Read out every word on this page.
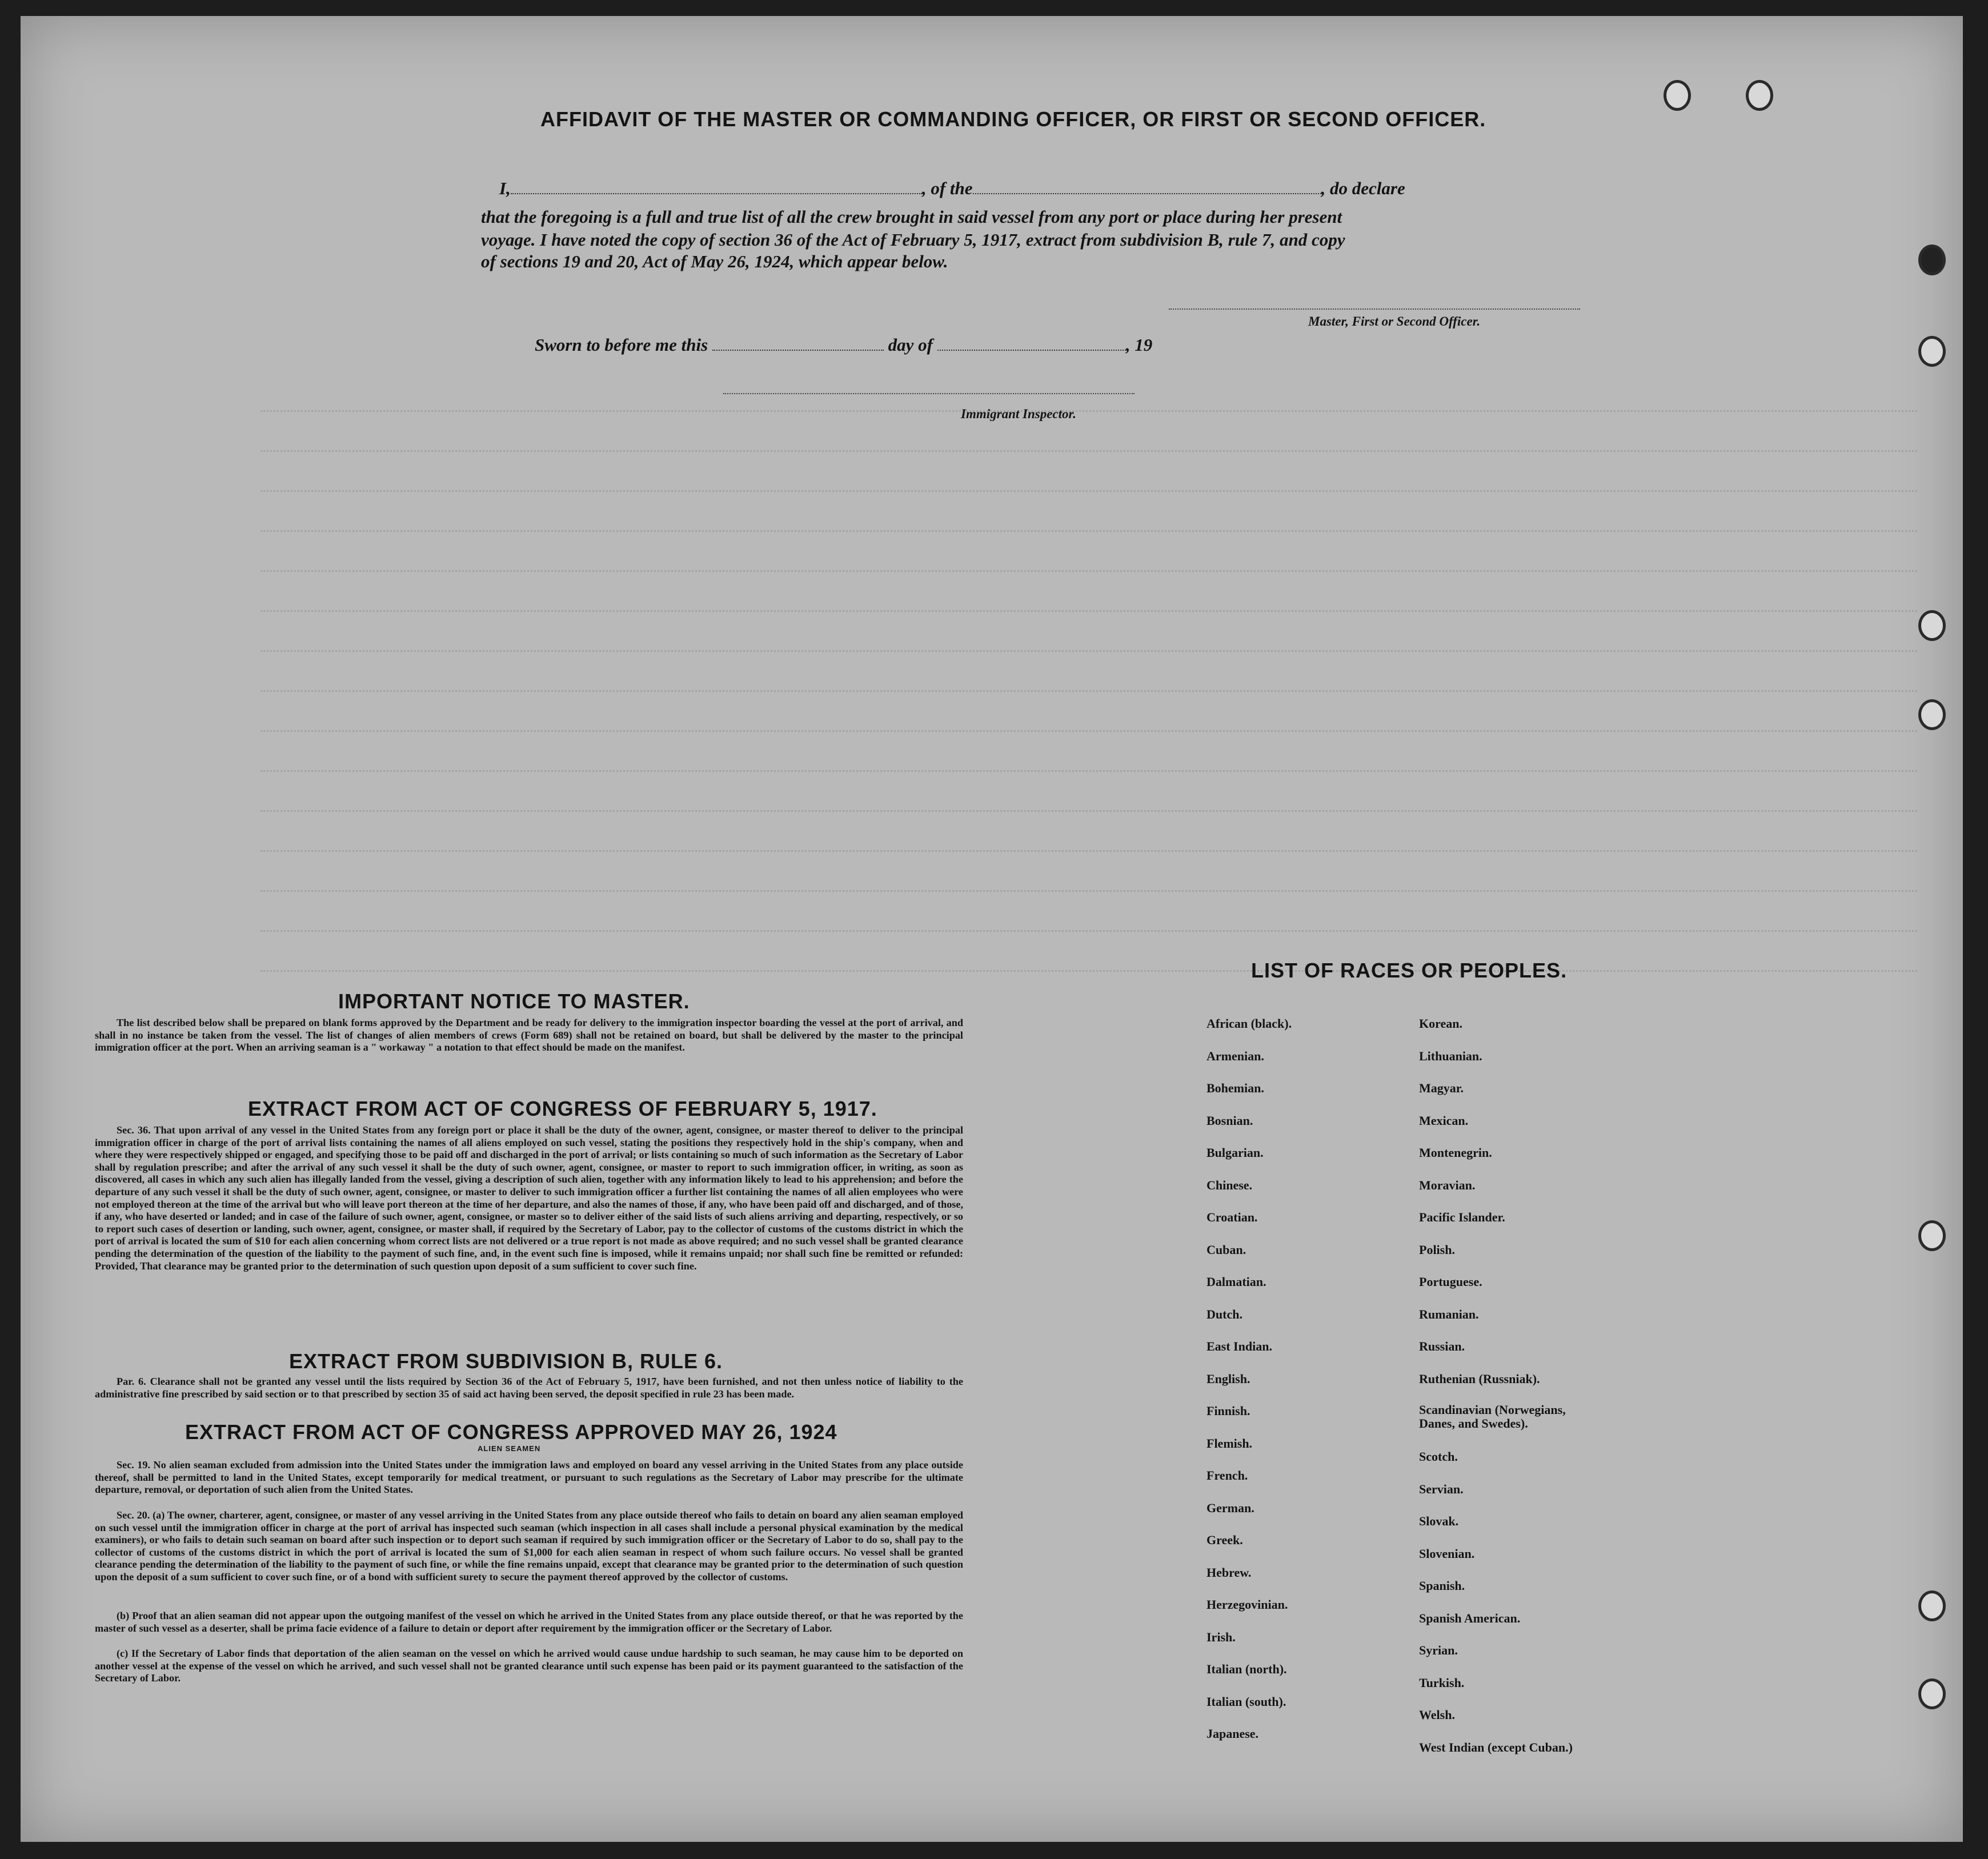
AFFIDAVIT OF THE MASTER OR COMMANDING OFFICER, OR FIRST OR SECOND OFFICER.
I,	, of the	, do declare
that the foregoing is a full and true list of all the crew brought in said vessel from any port or place during her present
voyage. I have noted the copy of section 36 of the Act of February 5, 1917, extract from subdivision B, rule 7, and copy
of sections 19 and 20, Act of May 26, 1924, which appear below.
Master, First or Second Officer.
Sworn to before me this	day of	, 19
Immigrant Inspector.
IMPORTANT NOTICE TO MASTER.

The list described below shall be prepared on blank forms approved by the Department and be ready for delivery to the immigration inspector boarding the vessel at the port of arrival, and shall in no instance be taken from the vessel. The list of changes of alien members of crews (Form 689) shall not be retained on board, but shall be delivered by the master to the principal immigration officer at the port. When an arriving seaman is a " workaway " a notation to that effect should be made on the manifest.

EXTRACT FROM ACT OF CONGRESS OF FEBRUARY 5, 1917.

Sec. 36. That upon arrival of any vessel in the United States from any foreign port or place it shall be the duty of the owner, agent, consignee, or master thereof to deliver to the principal immigration officer in charge of the port of arrival lists containing the names of all aliens employed on such vessel, stating the positions they respectively hold in the ship's company, when and where they were respectively shipped or engaged, and specifying those to be paid off and discharged in the port of arrival; or lists containing so much of such information as the Secretary of Labor shall by regulation prescribe; and after the arrival of any such vessel it shall be the duty of such owner, agent, consignee, or master to report to such immigration officer, in writing, as soon as discovered, all cases in which any such alien has illegally landed from the vessel, giving a description of such alien, together with any information likely to lead to his apprehension; and before the departure of any such vessel it shall be the duty of such owner, agent, consignee, or master to deliver to such immigration officer a further list containing the names of all alien employees who were not employed thereon at the time of the arrival but who will leave port thereon at the time of her departure, and also the names of those, if any, who have been paid off and discharged, and of those, if any, who have deserted or landed; and in case of the failure of such owner, agent, consignee, or master so to deliver either of the said lists of such aliens arriving and departing, respectively, or so to report such cases of desertion or landing, such owner, agent, consignee, or master shall, if required by the Secretary of Labor, pay to the collector of customs of the customs district in which the port of arrival is located the sum of $10 for each alien concerning whom correct lists are not delivered or a true report is not made as above required; and no such vessel shall be granted clearance pending the determination of the question of the liability to the payment of such fine, and, in the event such fine is imposed, while it remains unpaid; nor shall such fine be remitted or refunded: Provided, That clearance may be granted prior to the determination of such question upon deposit of a sum sufficient to cover such fine.

EXTRACT FROM SUBDIVISION B, RULE 6.

Par. 6. Clearance shall not be granted any vessel until the lists required by Section 36 of the Act of February 5, 1917, have been furnished, and not then unless notice of liability to the administrative fine prescribed by said section or to that prescribed by section 35 of said act having been served, the deposit specified in rule 23 has been made.

EXTRACT FROM ACT OF CONGRESS APPROVED MAY 26, 1924
ALIEN SEAMEN

Sec. 19. No alien seaman excluded from admission into the United States under the immigration laws and employed on board any vessel arriving in the United States from any place outside thereof, shall be permitted to land in the United States, except temporarily for medical treatment, or pursuant to such regulations as the Secretary of Labor may prescribe for the ultimate departure, removal, or deportation of such alien from the United States.

Sec. 20. (a) The owner, charterer, agent, consignee, or master of any vessel arriving in the United States from any place outside thereof who fails to detain on board any alien seaman employed on such vessel until the immigration officer in charge at the port of arrival has inspected such seaman (which inspection in all cases shall include a personal physical examination by the medical examiners), or who fails to detain such seaman on board after such inspection or to deport such seaman if required by such immigration officer or the Secretary of Labor to do so, shall pay to the collector of customs of the customs district in which the port of arrival is located the sum of $1,000 for each alien seaman in respect of whom such failure occurs. No vessel shall be granted clearance pending the determination of the liability to the payment of such fine, or while the fine remains unpaid, except that clearance may be granted prior to the determination of such question upon the deposit of a sum sufficient to cover such fine, or of a bond with sufficient surety to secure the payment thereof approved by the collector of customs.

(b) Proof that an alien seaman did not appear upon the outgoing manifest of the vessel on which he arrived in the United States from any place outside thereof, or that he was reported by the master of such vessel as a deserter, shall be prima facie evidence of a failure to detain or deport after requirement by the immigration officer or the Secretary of Labor.

(c) If the Secretary of Labor finds that deportation of the alien seaman on the vessel on which he arrived would cause undue hardship to such seaman, he may cause him to be deported on another vessel at the expense of the vessel on which he arrived, and such vessel shall not be granted clearance until such expense has been paid or its payment guaranteed to the satisfaction of the Secretary of Labor.

LIST OF RACES OR PEOPLES.
African (black).
Armenian.
Bohemian.
Bosnian.
Bulgarian.
Chinese.
Croatian.
Cuban.
Dalmatian.
Dutch.
East Indian.
English.
Finnish.
Flemish.
French.
German.
Greek.
Hebrew.
Herzegovinian.
Irish.
Italian (north).
Italian (south).
Japanese.
Korean.
Lithuanian.
Magyar.
Mexican.
Montenegrin.
Moravian.
Pacific Islander.
Polish.
Portuguese.
Rumanian.
Russian.
Ruthenian (Russniak).
Scandinavian (Norwegians,
Danes, and Swedes).
Scotch.
Servian.
Slovak.
Slovenian.
Spanish.
Spanish American.
Syrian.
Turkish.
Welsh.
West Indian (except Cuban.)
